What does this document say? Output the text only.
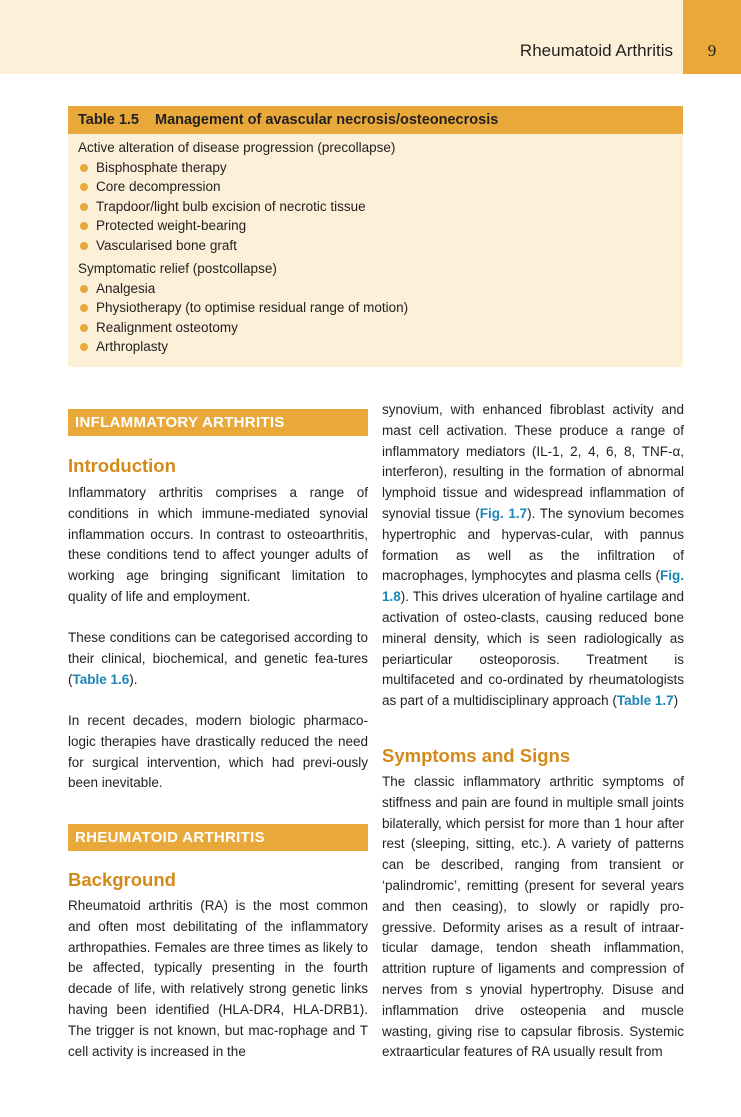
Rheumatoid Arthritis	9
Table 1.5 Management of avascular necrosis/osteonecrosis
Active alteration of disease progression (precollapse)
Bisphosphate therapy
Core decompression
Trapdoor/light bulb excision of necrotic tissue
Protected weight-bearing
Vascularised bone graft
Symptomatic relief (postcollapse)
Analgesia
Physiotherapy (to optimise residual range of motion)
Realignment osteotomy
Arthroplasty
INFLAMMATORY ARTHRITIS
Introduction

Inflammatory arthritis comprises a range of conditions in which immune-mediated synovial inflammation occurs. In contrast to osteoarthritis, these conditions tend to affect younger adults of working age bringing significant limitation to quality of life and employment.

These conditions can be categorised according to their clinical, biochemical, and genetic fea-tures (Table 1.6).

In recent decades, modern biologic pharmaco-logic therapies have drastically reduced the need for surgical intervention, which had previ-ously been inevitable.

RHEUMATOID ARTHRITIS
Background

Rheumatoid arthritis (RA) is the most common and often most debilitating of the inflammatory arthropathies. Females are three times as likely to be affected, typically presenting in the fourth decade of life, with relatively strong genetic links having been identified (HLA-DR4, HLA-DRB1). The trigger is not known, but mac-rophage and T cell activity is increased in the

synovium, with enhanced fibroblast activity and mast cell activation. These produce a range of inflammatory mediators (IL-1, 2, 4, 6, 8, TNF-α, interferon), resulting in the formation of abnormal lymphoid tissue and widespread inflammation of synovial tissue (Fig. 1.7). The synovium becomes hypertrophic and hypervas-cular, with pannus formation as well as the infiltration of macrophages, lymphocytes and plasma cells (Fig. 1.8). This drives ulceration of hyaline cartilage and activation of osteo-clasts, causing reduced bone mineral density, which is seen radiologically as periarticular osteoporosis. Treatment is multifaceted and co-ordinated by rheumatologists as part of a multidisciplinary approach (Table 1.7)

Symptoms and Signs

The classic inflammatory arthritic symptoms of stiffness and pain are found in multiple small joints bilaterally, which persist for more than 1 hour after rest (sleeping, sitting, etc.). A variety of patterns can be described, ranging from transient or ‘palindromic’, remitting (present for several years and then ceasing), to slowly or rapidly pro-gressive. Deformity arises as a result of intraar-ticular damage, tendon sheath inflammation, attrition rupture of ligaments and compression of nerves from s ynovial hypertrophy. Disuse and inflammation drive osteopenia and muscle wasting, giving rise to capsular fibrosis. Systemic extraarticular features of RA usually result from
